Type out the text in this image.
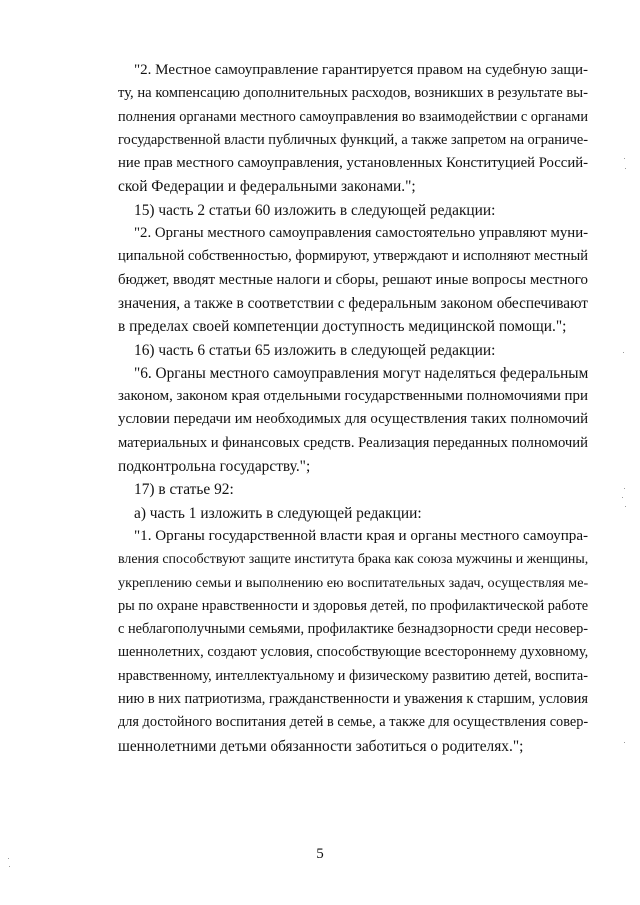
"2. Местное самоуправление гарантируется правом на судебную защи-
ту, на компенсацию дополнительных расходов, возникших в результате вы-
полнения органами местного самоуправления во взаимодействии с органами
государственной власти публичных функций, а также запретом на ограниче-
ние прав местного самоуправления, установленных Конституцией Россий-
ской Федерации и федеральными законами.";
15) часть 2 статьи 60 изложить в следующей редакции:
"2. Органы местного самоуправления самостоятельно управляют муни-
ципальной собственностью, формируют, утверждают и исполняют местный
бюджет, вводят местные налоги и сборы, решают иные вопросы местного
значения, а также в соответствии с федеральным законом обеспечивают
в пределах своей компетенции доступность медицинской помощи.";
16) часть 6 статьи 65 изложить в следующей редакции:
"6. Органы местного самоуправления могут наделяться федеральным
законом, законом края отдельными государственными полномочиями при
условии передачи им необходимых для осуществления таких полномочий
материальных и финансовых средств. Реализация переданных полномочий
подконтрольна государству.";
17) в статье 92:
а) часть 1 изложить в следующей редакции:
"1. Органы государственной власти края и органы местного самоупра-
вления способствуют защите института брака как союза мужчины и женщины,
укреплению семьи и выполнению ею воспитательных задач, осуществляя ме-
ры по охране нравственности и здоровья детей, по профилактической работе
с неблагополучными семьями, профилактике безнадзорности среди несовер-
шеннолетних, создают условия, способствующие всестороннему духовному,
нравственному, интеллектуальному и физическому развитию детей, воспита-
нию в них патриотизма, гражданственности и уважения к старшим, условия
для достойного воспитания детей в семье, а также для осуществления совер-
шеннолетними детьми обязанности заботиться о родителях.";
5
